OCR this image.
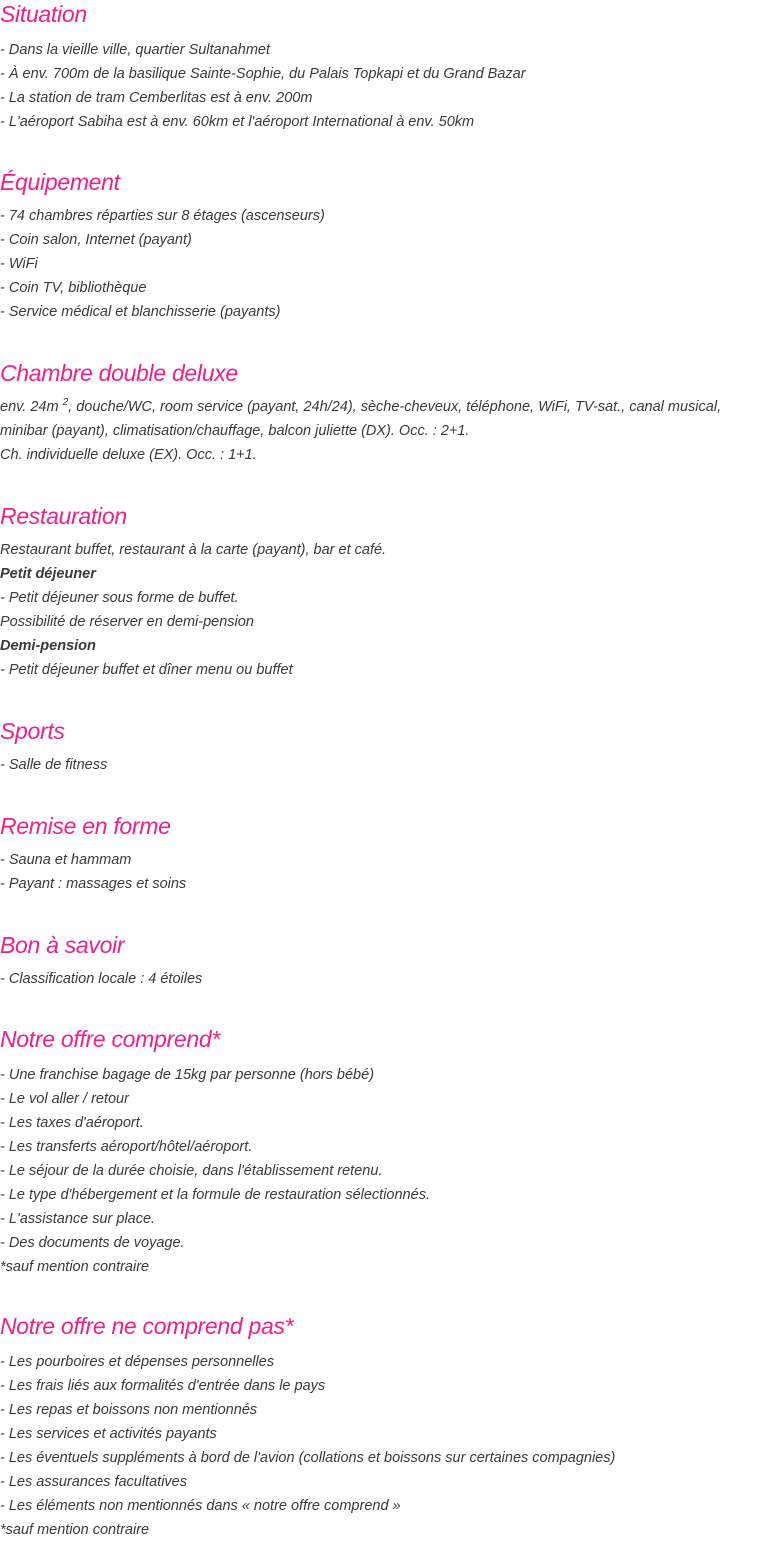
Situation
- Dans la vieille ville, quartier Sultanahmet
- À env. 700m de la basilique Sainte-Sophie, du Palais Topkapi et du Grand Bazar
- La station de tram Cemberlitas est à env. 200m
- L'aéroport Sabiha est à env. 60km et l'aéroport International à env. 50km
Équipement
- 74 chambres réparties sur 8 étages (ascenseurs)
- Coin salon, Internet (payant)
- WiFi
- Coin TV, bibliothèque
- Service médical et blanchisserie (payants)
Chambre double deluxe
env. 24m $^2$, douche/WC, room service (payant, 24h/24), sèche-cheveux, téléphone, WiFi, TV-sat., canal musical, minibar (payant), climatisation/chauffage, balcon juliette (DX). Occ. : 2+1.
Ch. individuelle deluxe (EX). Occ. : 1+1.
Restauration
Restaurant buffet, restaurant à la carte (payant), bar et café.
Petit déjeuner
- Petit déjeuner sous forme de buffet.
Possibilité de réserver en demi-pension
Demi-pension
- Petit déjeuner buffet et dîner menu ou buffet
Sports
- Salle de fitness
Remise en forme
- Sauna et hammam
- Payant : massages et soins
Bon à savoir
- Classification locale : 4 étoiles
Notre offre comprend*
- Une franchise bagage de 15kg par personne (hors bébé)
- Le vol aller / retour
- Les taxes d'aéroport.
- Les transferts aéroport/hôtel/aéroport.
- Le séjour de la durée choisie, dans l'établissement retenu.
- Le type d'hébergement et la formule de restauration sélectionnés.
- L'assistance sur place.
- Des documents de voyage.
*sauf mention contraire
Notre offre ne comprend pas*
- Les pourboires et dépenses personnelles
- Les frais liés aux formalités d'entrée dans le pays
- Les repas et boissons non mentionnés
- Les services et activités payants
- Les éventuels suppléments à bord de l'avion (collations et boissons sur certaines compagnies)
- Les assurances facultatives
- Les éléments non mentionnés dans « notre offre comprend »
*sauf mention contraire
